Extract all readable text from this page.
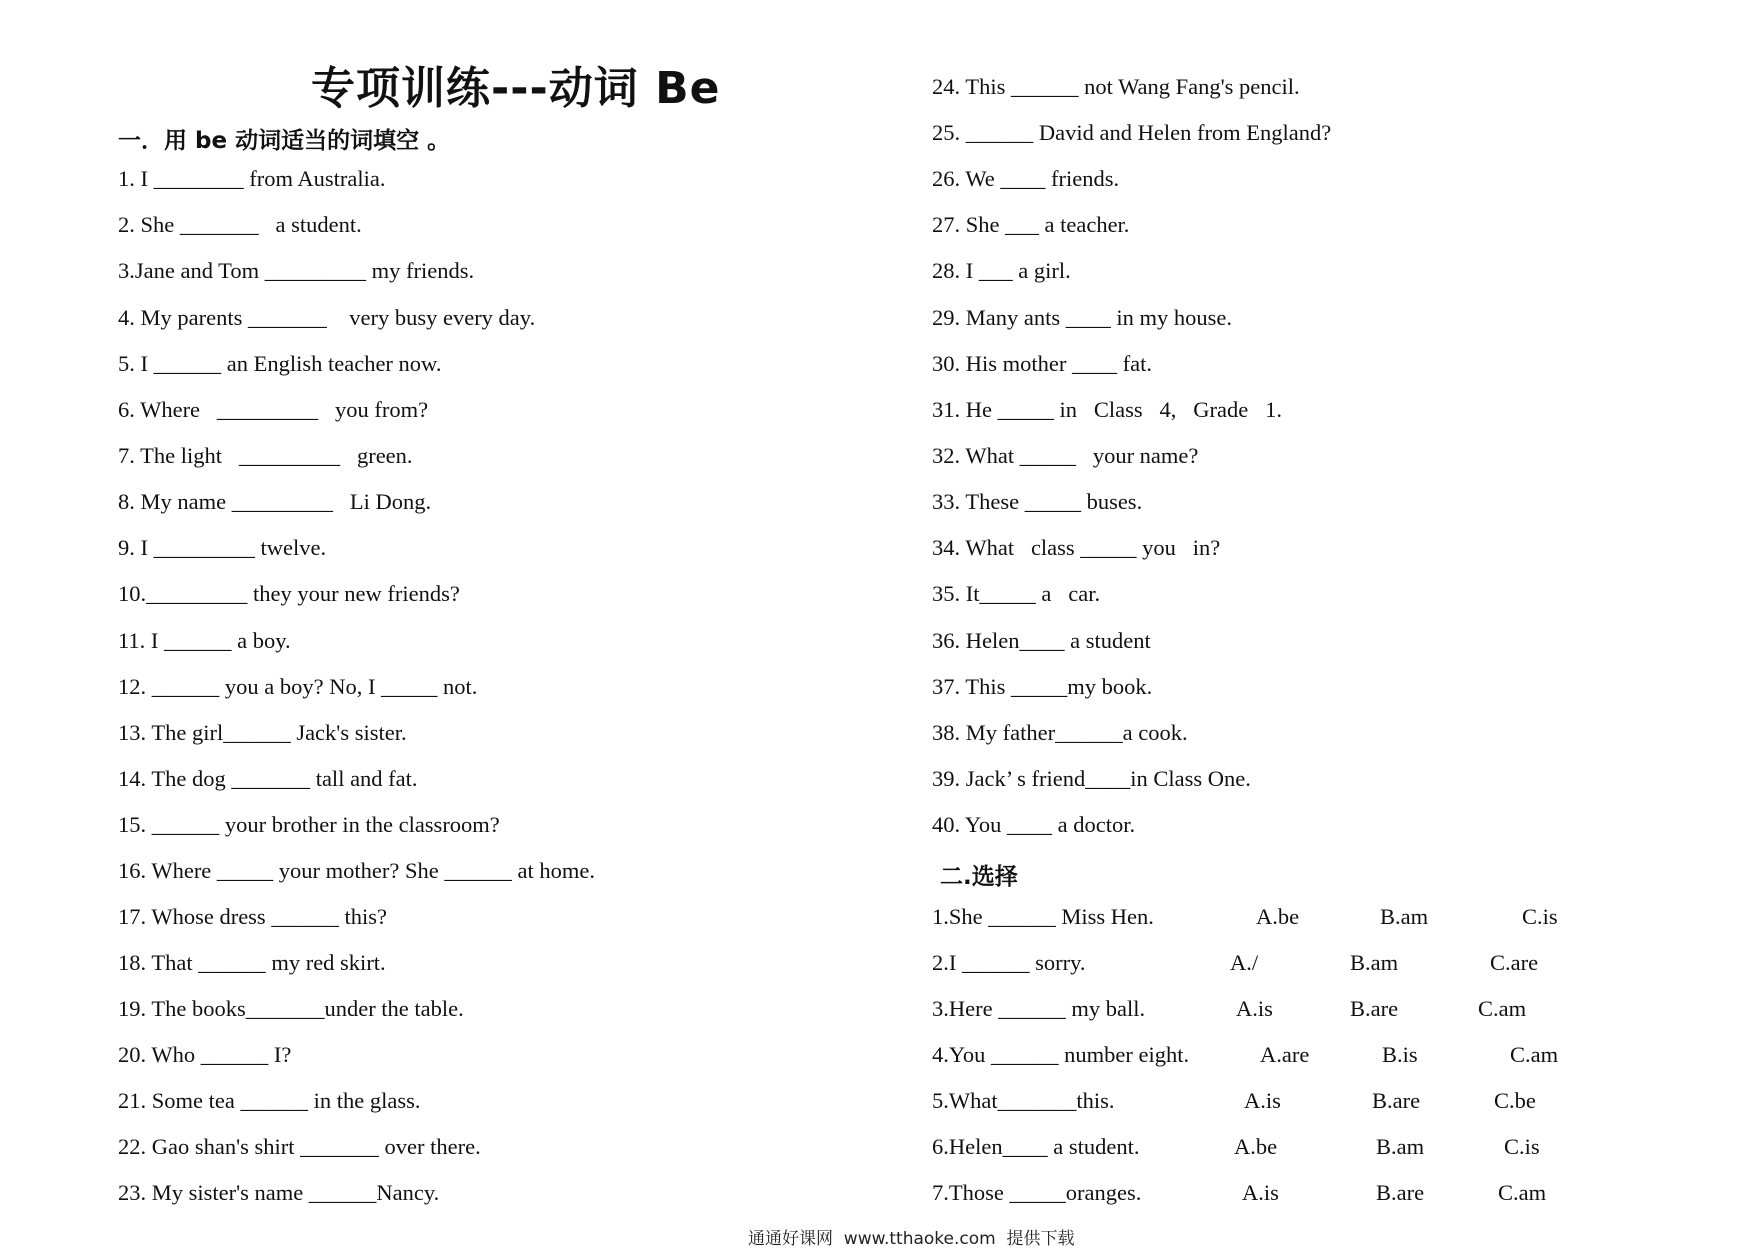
专项训练---动词 Be
一．用 be 动词适当的词填空 。
1. I ________ from Australia.
2. She _______   a student.
3.Jane and Tom _________ my friends.
4. My parents _______    very busy every day.
5. I ______ an English teacher now.
6. Where   _________   you from?
7. The light   _________   green.
8. My name _________   Li Dong.
9. I _________ twelve.
10._________ they your new friends?
11. I ______ a boy.
12. ______ you a boy? No, I _____ not.
13. The girl______ Jack's sister.
14. The dog _______ tall and fat.
15. ______ your brother in the classroom?
16. Where _____ your mother? She ______ at home.
17. Whose dress ______ this?
18. That ______ my red skirt.
19. The books_______under the table.
20. Who ______ I?
21. Some tea ______ in the glass.
22. Gao shan's shirt _______ over there.
23. My sister's name ______Nancy.
24. This ______ not Wang Fang's pencil.
25. ______ David and Helen from England?
26. We ____ friends.
27. She ___ a teacher.
28. I ___ a girl.
29. Many ants ____ in my house.
30. His mother ____ fat.
31. He _____ in   Class   4,   Grade   1.
32. What _____   your name?
33. These _____ buses.
34. What   class _____ you   in?
35. It_____ a   car.
36. Helen____ a student
37. This _____my book.
38. My father______a cook.
39. Jack’ s friend____in Class One.
40. You ____ a doctor.
二.选择
1.She ______ Miss Hen.	A.be	B.am	C.is
2.I ______ sorry.	A./	B.am	C.are
3.Here ______ my ball.	A.is	B.are	C.am
4.You ______ number eight.	A.are	B.is	C.am
5.What_______this.	A.is	B.are	C.be
6.Helen____ a student.	A.be	B.am	C.is
7.Those _____oranges.	A.is	B.are	C.am
通通好课网  www.tthaoke.com  提供下载
